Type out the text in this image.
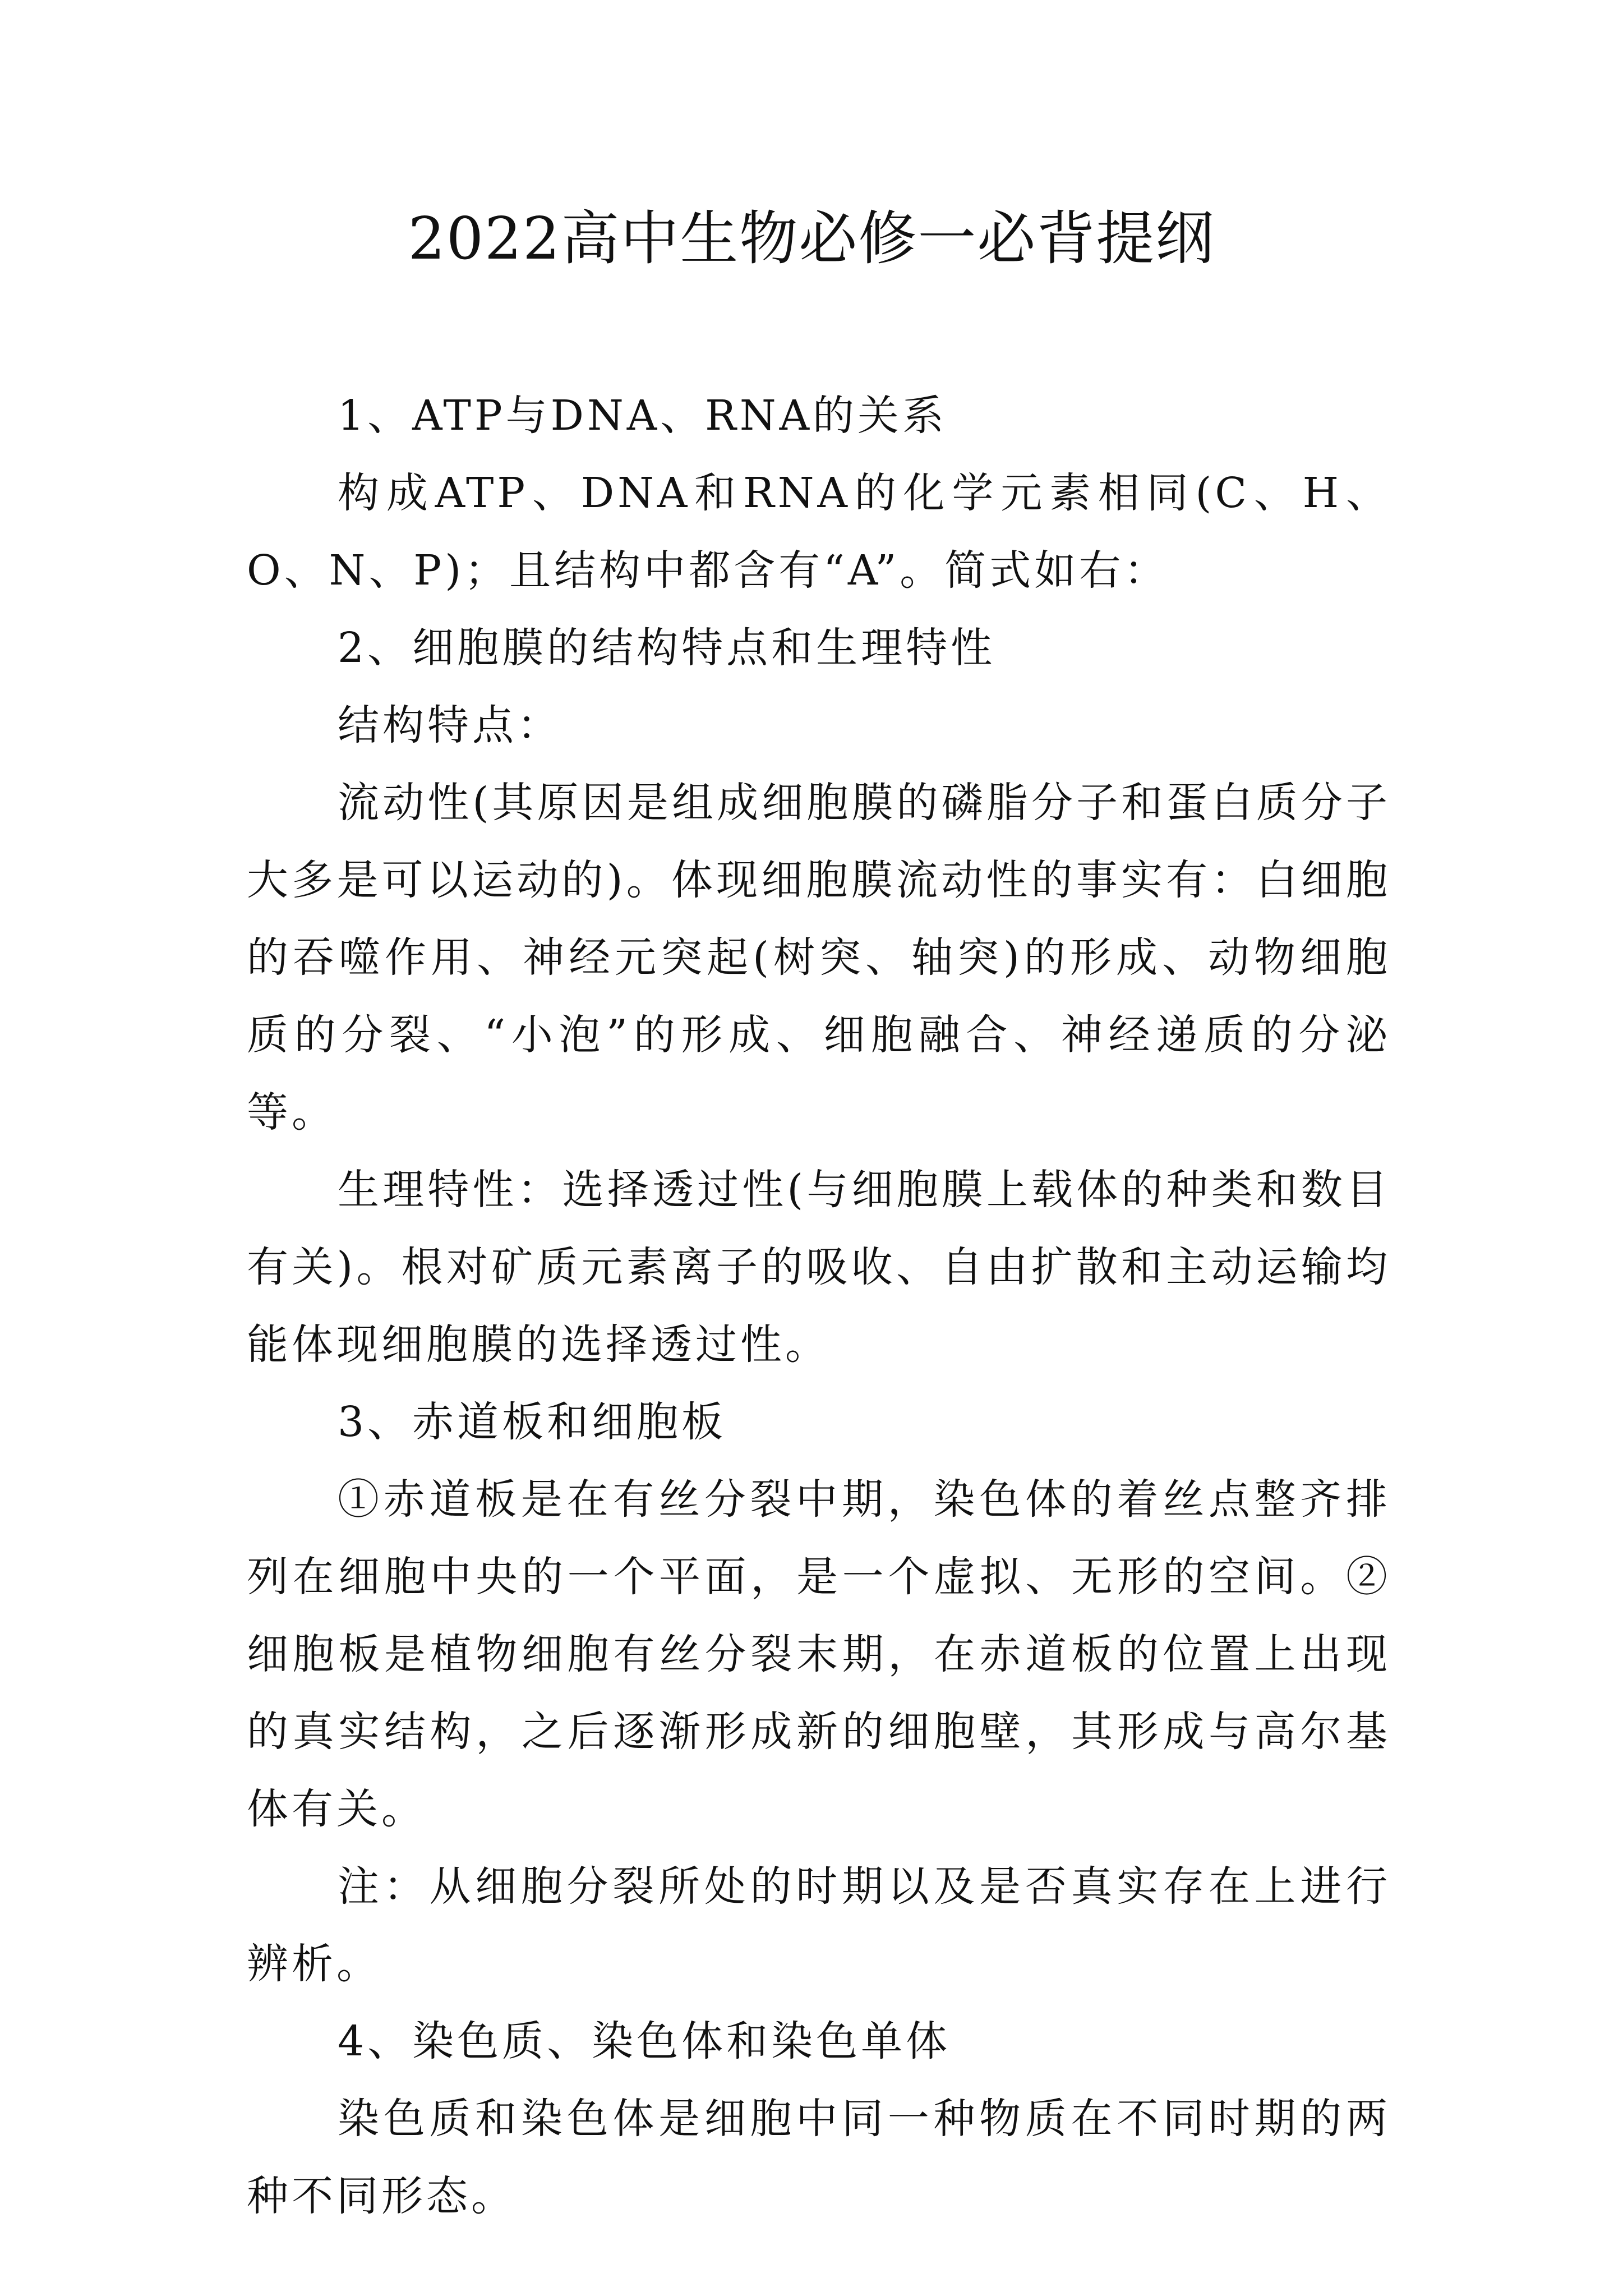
2022高中生物必修一必背提纲

1、ATP与DNA、RNA的关系

构成ATP、DNA和RNA的化学元素相同(C、H、O、N、P)；且结构中都含有“A”。简式如右：

2、细胞膜的结构特点和生理特性

结构特点：

流动性(其原因是组成细胞膜的磷脂分子和蛋白质分子大多是可以运动的)。体现细胞膜流动性的事实有：白细胞的吞噬作用、神经元突起(树突、轴突)的形成、动物细胞质的分裂、“小泡”的形成、细胞融合、神经递质的分泌等。

生理特性：选择透过性(与细胞膜上载体的种类和数目有关)。根对矿质元素离子的吸收、自由扩散和主动运输均能体现细胞膜的选择透过性。

3、赤道板和细胞板

①赤道板是在有丝分裂中期，染色体的着丝点整齐排列在细胞中央的一个平面，是一个虚拟、无形的空间。②细胞板是植物细胞有丝分裂末期，在赤道板的位置上出现的真实结构，之后逐渐形成新的细胞壁，其形成与高尔基体有关。

注：从细胞分裂所处的时期以及是否真实存在上进行辨析。

4、染色质、染色体和染色单体

染色质和染色体是细胞中同一种物质在不同时期的两种不同形态。
